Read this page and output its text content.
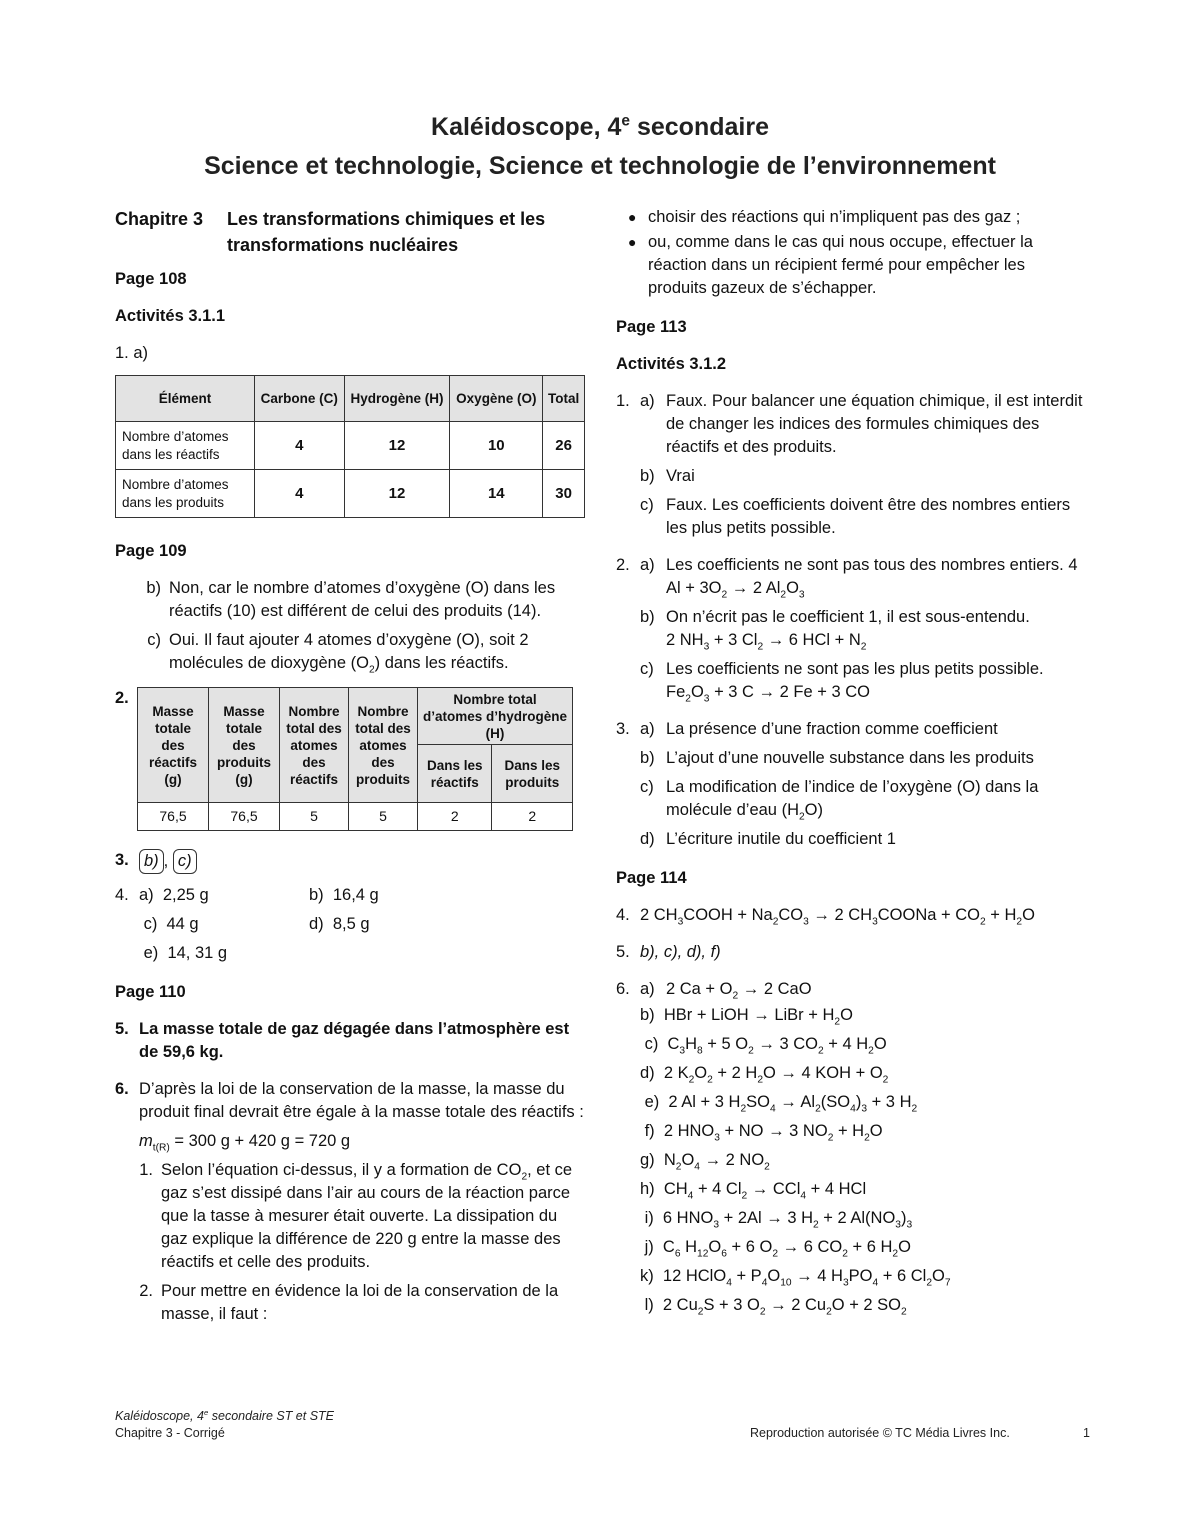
Kaléidoscope, 4e secondaire
Science et technologie, Science et technologie de l’environnement
Chapitre 3	Les transformations chimiques et les transformations nucléaires
Page 108
Activités 3.1.1
1. a)
Élément	Carbone (C)	Hydrogène (H)	Oxygène (O)	Total
Nombre d’atomes dans les réactifs	4	12	10	26
Nombre d’atomes dans les produits	4	12	14	30
Page 109
b) Non, car le nombre d’atomes d’oxygène (O) dans les réactifs (10) est différent de celui des produits (14).
c) Oui. Il faut ajouter 4 atomes d’oxygène (O), soit 2 molécules de dioxygène $(O_2)$ dans les réactifs.
2.
Masse totale des réactifs (g)	Masse totale des produits (g)	Nombre total des atomes des réactifs	Nombre total des atomes des produits	Nombre total d’atomes d’hydrogène (H)	
				Dans les réactifs	Dans les produits
76,5	76,5	5	5	2	2
3. b) , c)
4. a)  2,25 g	b)  16,4 g
c)  44 g	d)  8,5 g
e)  14, 31 g
Page 110
5. La masse totale de gaz dégagée dans l’atmosphère est de 59,6 kg.
6. D’après la loi de la conservation de la masse, la masse du produit final devrait être égale à la masse totale des réactifs :
$m_{t(R)} = 300$ g + 420 g = 720 g
1. Selon l’équation ci-dessus, il y a formation de $CO_2$, et ce gaz s’est dissipé dans l’air au cours de la réaction parce que la tasse à mesurer était ouverte. La dissipation du gaz explique la différence de 220 g entre la masse des réactifs et celle des produits.
2. Pour mettre en évidence la loi de la conservation de la masse, il faut :
● choisir des réactions qui n’impliquent pas des gaz ;
● ou, comme dans le cas qui nous occupe, effectuer la réaction dans un récipient fermé pour empêcher les produits gazeux de s’échapper.
Page 113
Activités 3.1.2
1. a) Faux. Pour balancer une équation chimique, il est interdit de changer les indices des formules chimiques des réactifs et des produits.
b) Vrai
c) Faux. Les coefficients doivent être des nombres entiers les plus petits possible.
2. a) Les coefficients ne sont pas tous des nombres entiers. 4 $Al + 3O_2 \to 2$ $Al_2O_3$
b) On n’écrit pas le coefficient 1, il est sous-entendu.
2 $NH_3 + 3$ $Cl_2 \to 6$ HCl + $N_2$
c) Les coefficients ne sont pas les plus petits possible.
$Fe_2O_3 + 3$ C → 2 Fe + 3 CO
3. a) La présence d’une fraction comme coefficient
b) L’ajout d’une nouvelle substance dans les produits
c) La modification de l’indice de l’oxygène (O) dans la molécule d’eau $(H_2O)$
d) L’écriture inutile du coefficient 1
Page 114
4. 2 $CH_3COOH + Na_2CO_3 \to 2$ $CH_3COONa + CO_2 + H_2O$
5. b), c), d), f)
6. a) 2 $Ca + O_2 \to 2$ CaO
b)  HBr + LiOH → LiBr + $H_2O$
c)  $C_3H_8 + 5$ $O_2 \to 3$ $CO_2 + 4$ $H_2O$
d)  2 $K_2O_2 + 2$ $H_2O \to 4$ KOH + $O_2$
e)  2 Al + 3 $H_2SO_4 \to Al_2(SO_4)_3 + 3$ $H_2$
f)  2 $HNO_3$ + NO → 3 $NO_2 + H_2O$
g)  $N_2O_4 \to 2$ $NO_2$
h)  $CH_4 + 4$ $Cl_2 \to CCl_4 + 4$ HCl
i)  6 $HNO_3 + 2Al \to 3$ $H_2 + 2$ $Al(NO_3)_3$
j)  $C_6$ $H_{12}O_6 + 6$ $O_2 \to 6$ $CO_2 + 6$ $H_2O$
k)  12 HClO$_4$ + $P_4O_{10} \to 4$ $H_3PO_4 + 6$ $Cl_2O_7$
l)  2 $Cu_2S + 3$ $O_2 \to 2$ $Cu_2O + 2$ $SO_2$
Kaléidoscope, 4e secondaire ST et STE
Chapitre 3 - Corrigé	Reproduction autorisée © TC Média Livres Inc.	1
